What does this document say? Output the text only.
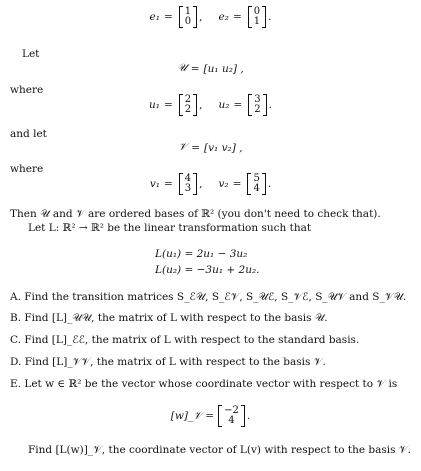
e₁ = 1
0 , e₂ = 0
1 .
Let
𝒰 = [u₁ u₂] ,
where
u₁ = 2
2 , u₂ = 3
2 .
and let
𝒱 = [v₁ v₂] ,
where
v₁ = 4
3 , v₂ = 5
4 .
Then 𝒰 and 𝒱 are ordered bases of ℝ² (you don't need to check that).
Let L: ℝ² → ℝ² be the linear transformation such that
L(u₁) = 2u₁ − 3u₂
L(u₂) = −3u₁ + 2u₂.
A. Find the transition matrices S_ℰ𝒰, S_ℰ𝒱, S_𝒰ℰ, S_𝒱ℰ, S_𝒰𝒱 and S_𝒱𝒰.
B. Find [L]_𝒰𝒰, the matrix of L with respect to the basis 𝒰.
C. Find [L]_ℰℰ, the matrix of L with respect to the standard basis.
D. Find [L]_𝒱𝒱, the matrix of L with respect to the basis 𝒱.
E. Let w ∈ ℝ² be the vector whose coordinate vector with respect to 𝒱 is
[w]_𝒱 = −2
4 .
Find [L(w)]_𝒱, the coordinate vector of L(v) with respect to the basis 𝒱.
